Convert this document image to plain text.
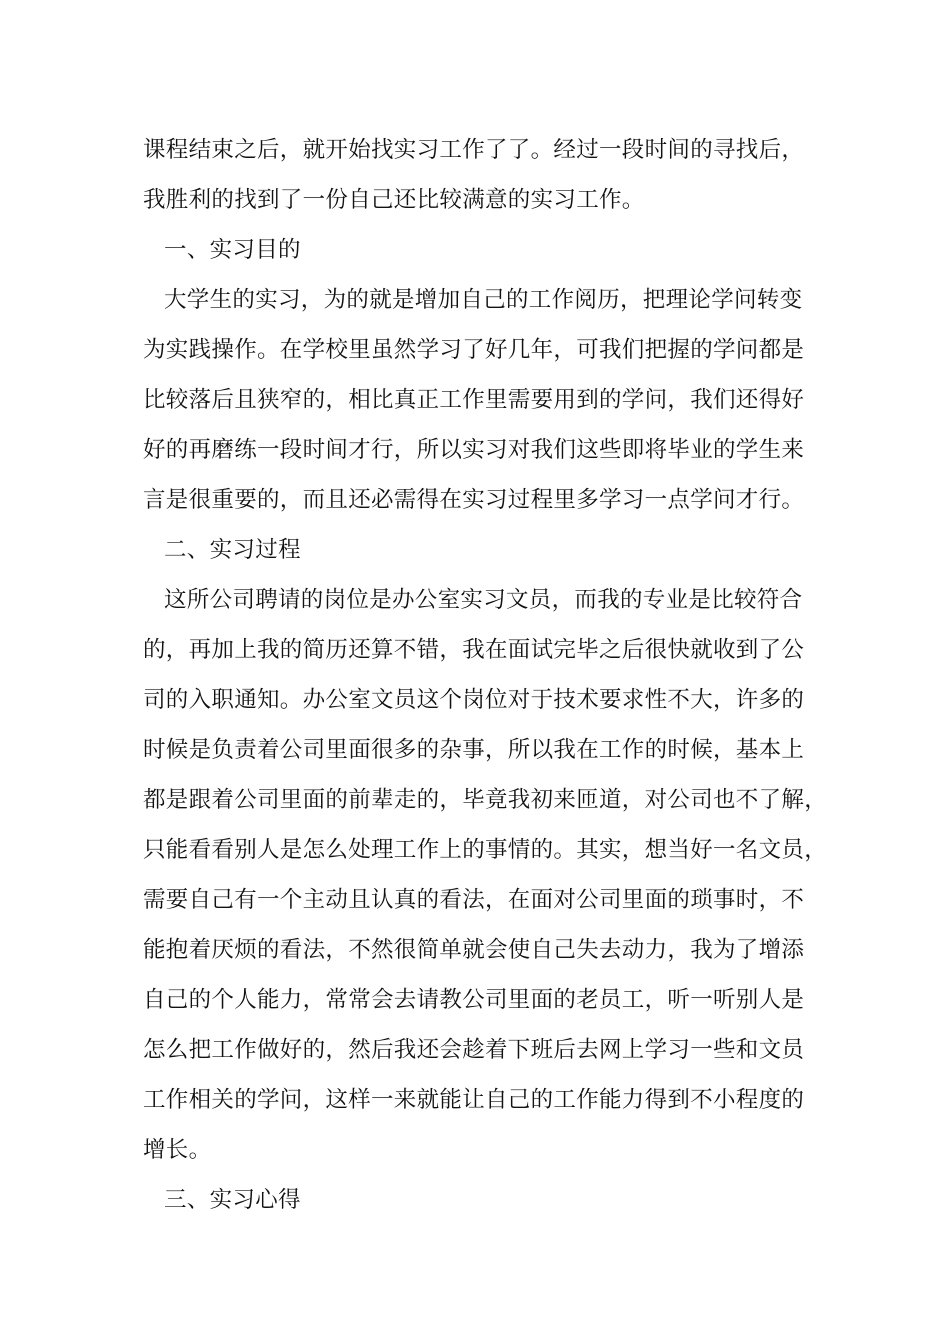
课程结束之后，就开始找实习工作了了。经过一段时间的寻找后，
我胜利的找到了一份自己还比较满意的实习工作。
一、实习目的
大学生的实习，为的就是增加自己的工作阅历，把理论学问转变
为实践操作。在学校里虽然学习了好几年，可我们把握的学问都是
比较落后且狭窄的，相比真正工作里需要用到的学问，我们还得好
好的再磨练一段时间才行，所以实习对我们这些即将毕业的学生来
言是很重要的，而且还必需得在实习过程里多学习一点学问才行。
二、实习过程
这所公司聘请的岗位是办公室实习文员，而我的专业是比较符合
的，再加上我的简历还算不错，我在面试完毕之后很快就收到了公
司的入职通知。办公室文员这个岗位对于技术要求性不大，许多的
时候是负责着公司里面很多的杂事，所以我在工作的时候，基本上
都是跟着公司里面的前辈走的，毕竟我初来匝道，对公司也不了解，
只能看看别人是怎么处理工作上的事情的。其实，想当好一名文员，
需要自己有一个主动且认真的看法，在面对公司里面的琐事时，不
能抱着厌烦的看法，不然很简单就会使自己失去动力，我为了增添
自己的个人能力，常常会去请教公司里面的老员工，听一听别人是
怎么把工作做好的，然后我还会趁着下班后去网上学习一些和文员
工作相关的学问，这样一来就能让自己的工作能力得到不小程度的
增长。
三、实习心得
